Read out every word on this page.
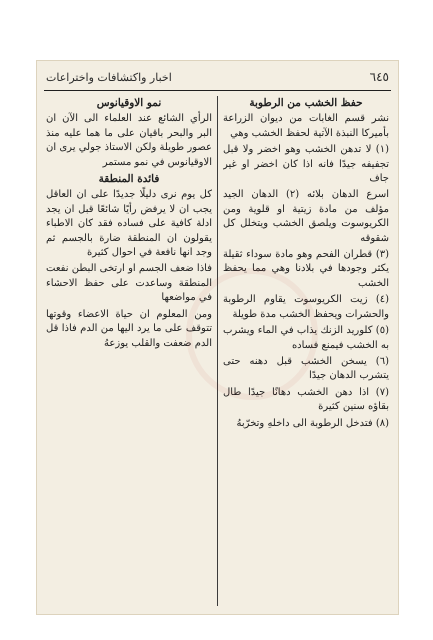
٦٤٥
اخبار واكتشافات واختراعات
حفظ الخشب من الرطوبة

نشر قسم الغابات من ديوان الزراعة بأميركا النبذة الآتية لحفظ الخشب وهي

(١) لا تدهن الخشب وهو اخضر ولا قبل تجفيفه جيدًا فانه اذا كان اخضر او غير جاف

اسرع الدهان بلائه (٢) الدهان الجيد مؤلف من مادة زيتية او قلوية ومن الكريوسوت ويلصق الخشب ويتخلل كل شقوقه

(٣) قطران الفحم وهو مادة سوداء ثقيلة يكثر وجودها في بلادنا وهي مما يحفظ الخشب

(٤) زيت الكريوسوت يقاوم الرطوبة والحشرات ويحفظ الخشب مدة طويلة

(٥) كلوريد الزنك يذاب في الماء ويشرب به الخشب فيمنع فساده

(٦) يسخن الخشب قبل دهنه حتى يتشرب الدهان جيدًا

(٧) اذا دهن الخشب دهانًا جيدًا طال بقاؤه سنين كثيرة

(٨) فتدخل الرطوبة الى داخلهِ وتخرّبهُ

نمو الاوقيانوس

الرأي الشائع عند العلماء الى الآن ان البر والبحر باقيان على ما هما عليه منذ عصور طويلة ولكن الاستاذ جولي يرى ان الاوقيانوس في نمو مستمر

فائدة المنطقة

كل يوم نرى دليلًا جديدًا على ان العاقل يجب ان لا يرفض رأيًا شائعًا قبل ان يجد ادلة كافية على فساده فقد كان الاطباء يقولون ان المنطقة ضارة بالجسم ثم وجد انها نافعة في احوال كثيرة

فاذا ضعف الجسم او ارتخى البطن نفعت المنطقة وساعدت على حفظ الاحشاء في مواضعها

ومن المعلوم ان حياة الاعضاء وقوتها تتوقف على ما يرد اليها من الدم فاذا قل الدم ضعفت والقلب يوزعهُ
